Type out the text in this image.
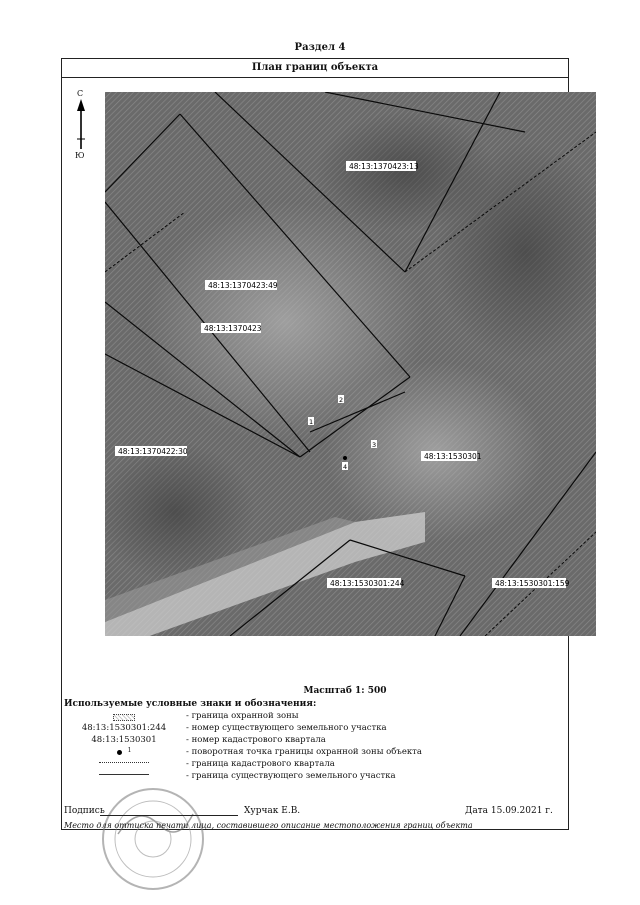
Раздел 4
План границ объекта
48:13:1370423:13
48:13:1370423:49
48:13:1370423
48:13:1370422:30
48:13:1530301
48:13:1530301:244	48:13:1530301:159
1
2
3
4
С
Ю
Масштаб 1: 500
Используемые условные знаки и обозначения:
- граница охранной зоны
48:13:1530301:244	- номер существующего земельного участка
48:13:1530301	- номер кадастрового квартала
$^1$	- поворотная точка границы охранной зоны объекта
- граница кадастрового квартала
- граница существующего земельного участка
Подпись	Хурчак Е.В.	Дата 15.09.2021 г.
Место для оттиска печати лица, составившего описание местоположения границ объекта
